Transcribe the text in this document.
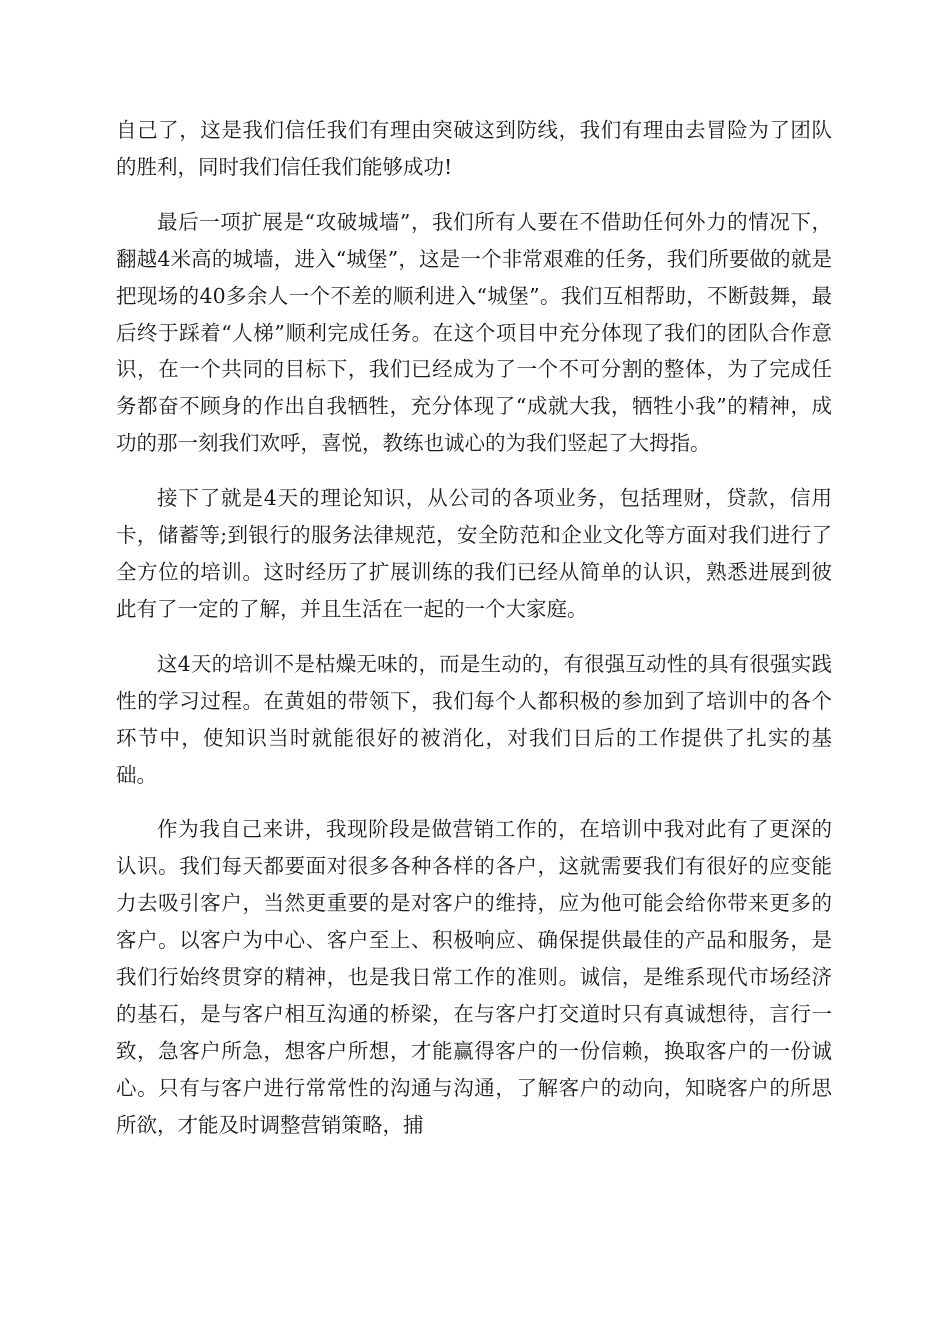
自己了，这是我们信任我们有理由突破这到防线，我们有理由去冒险为了团队的胜利，同时我们信任我们能够成功!

最后一项扩展是“攻破城墙”，我们所有人要在不借助任何外力的情况下，翻越4米高的城墙，进入“城堡”，这是一个非常艰难的任务，我们所要做的就是把现场的40多余人一个不差的顺利进入“城堡”。我们互相帮助，不断鼓舞，最后终于踩着“人梯”顺利完成任务。在这个项目中充分体现了我们的团队合作意识，在一个共同的目标下，我们已经成为了一个不可分割的整体，为了完成任务都奋不顾身的作出自我牺牲，充分体现了“成就大我，牺牲小我”的精神，成功的那一刻我们欢呼，喜悦，教练也诚心的为我们竖起了大拇指。

接下了就是4天的理论知识，从公司的各项业务，包括理财，贷款，信用卡，储蓄等;到银行的服务法律规范，安全防范和企业文化等方面对我们进行了全方位的培训。这时经历了扩展训练的我们已经从简单的认识，熟悉进展到彼此有了一定的了解，并且生活在一起的一个大家庭。

这4天的培训不是枯燥无味的，而是生动的，有很强互动性的具有很强实践性的学习过程。在黄姐的带领下，我们每个人都积极的参加到了培训中的各个环节中，使知识当时就能很好的被消化，对我们日后的工作提供了扎实的基础。

作为我自己来讲，我现阶段是做营销工作的，在培训中我对此有了更深的认识。我们每天都要面对很多各种各样的各户，这就需要我们有很好的应变能力去吸引客户，当然更重要的是对客户的维持，应为他可能会给你带来更多的客户。以客户为中心、客户至上、积极响应、确保提供最佳的产品和服务，是我们行始终贯穿的精神，也是我日常工作的准则。诚信，是维系现代市场经济的基石，是与客户相互沟通的桥梁，在与客户打交道时只有真诚想待，言行一致，急客户所急，想客户所想，才能赢得客户的一份信赖，换取客户的一份诚心。只有与客户进行常常性的沟通与沟通，了解客户的动向，知晓客户的所思所欲，才能及时调整营销策略，捕
